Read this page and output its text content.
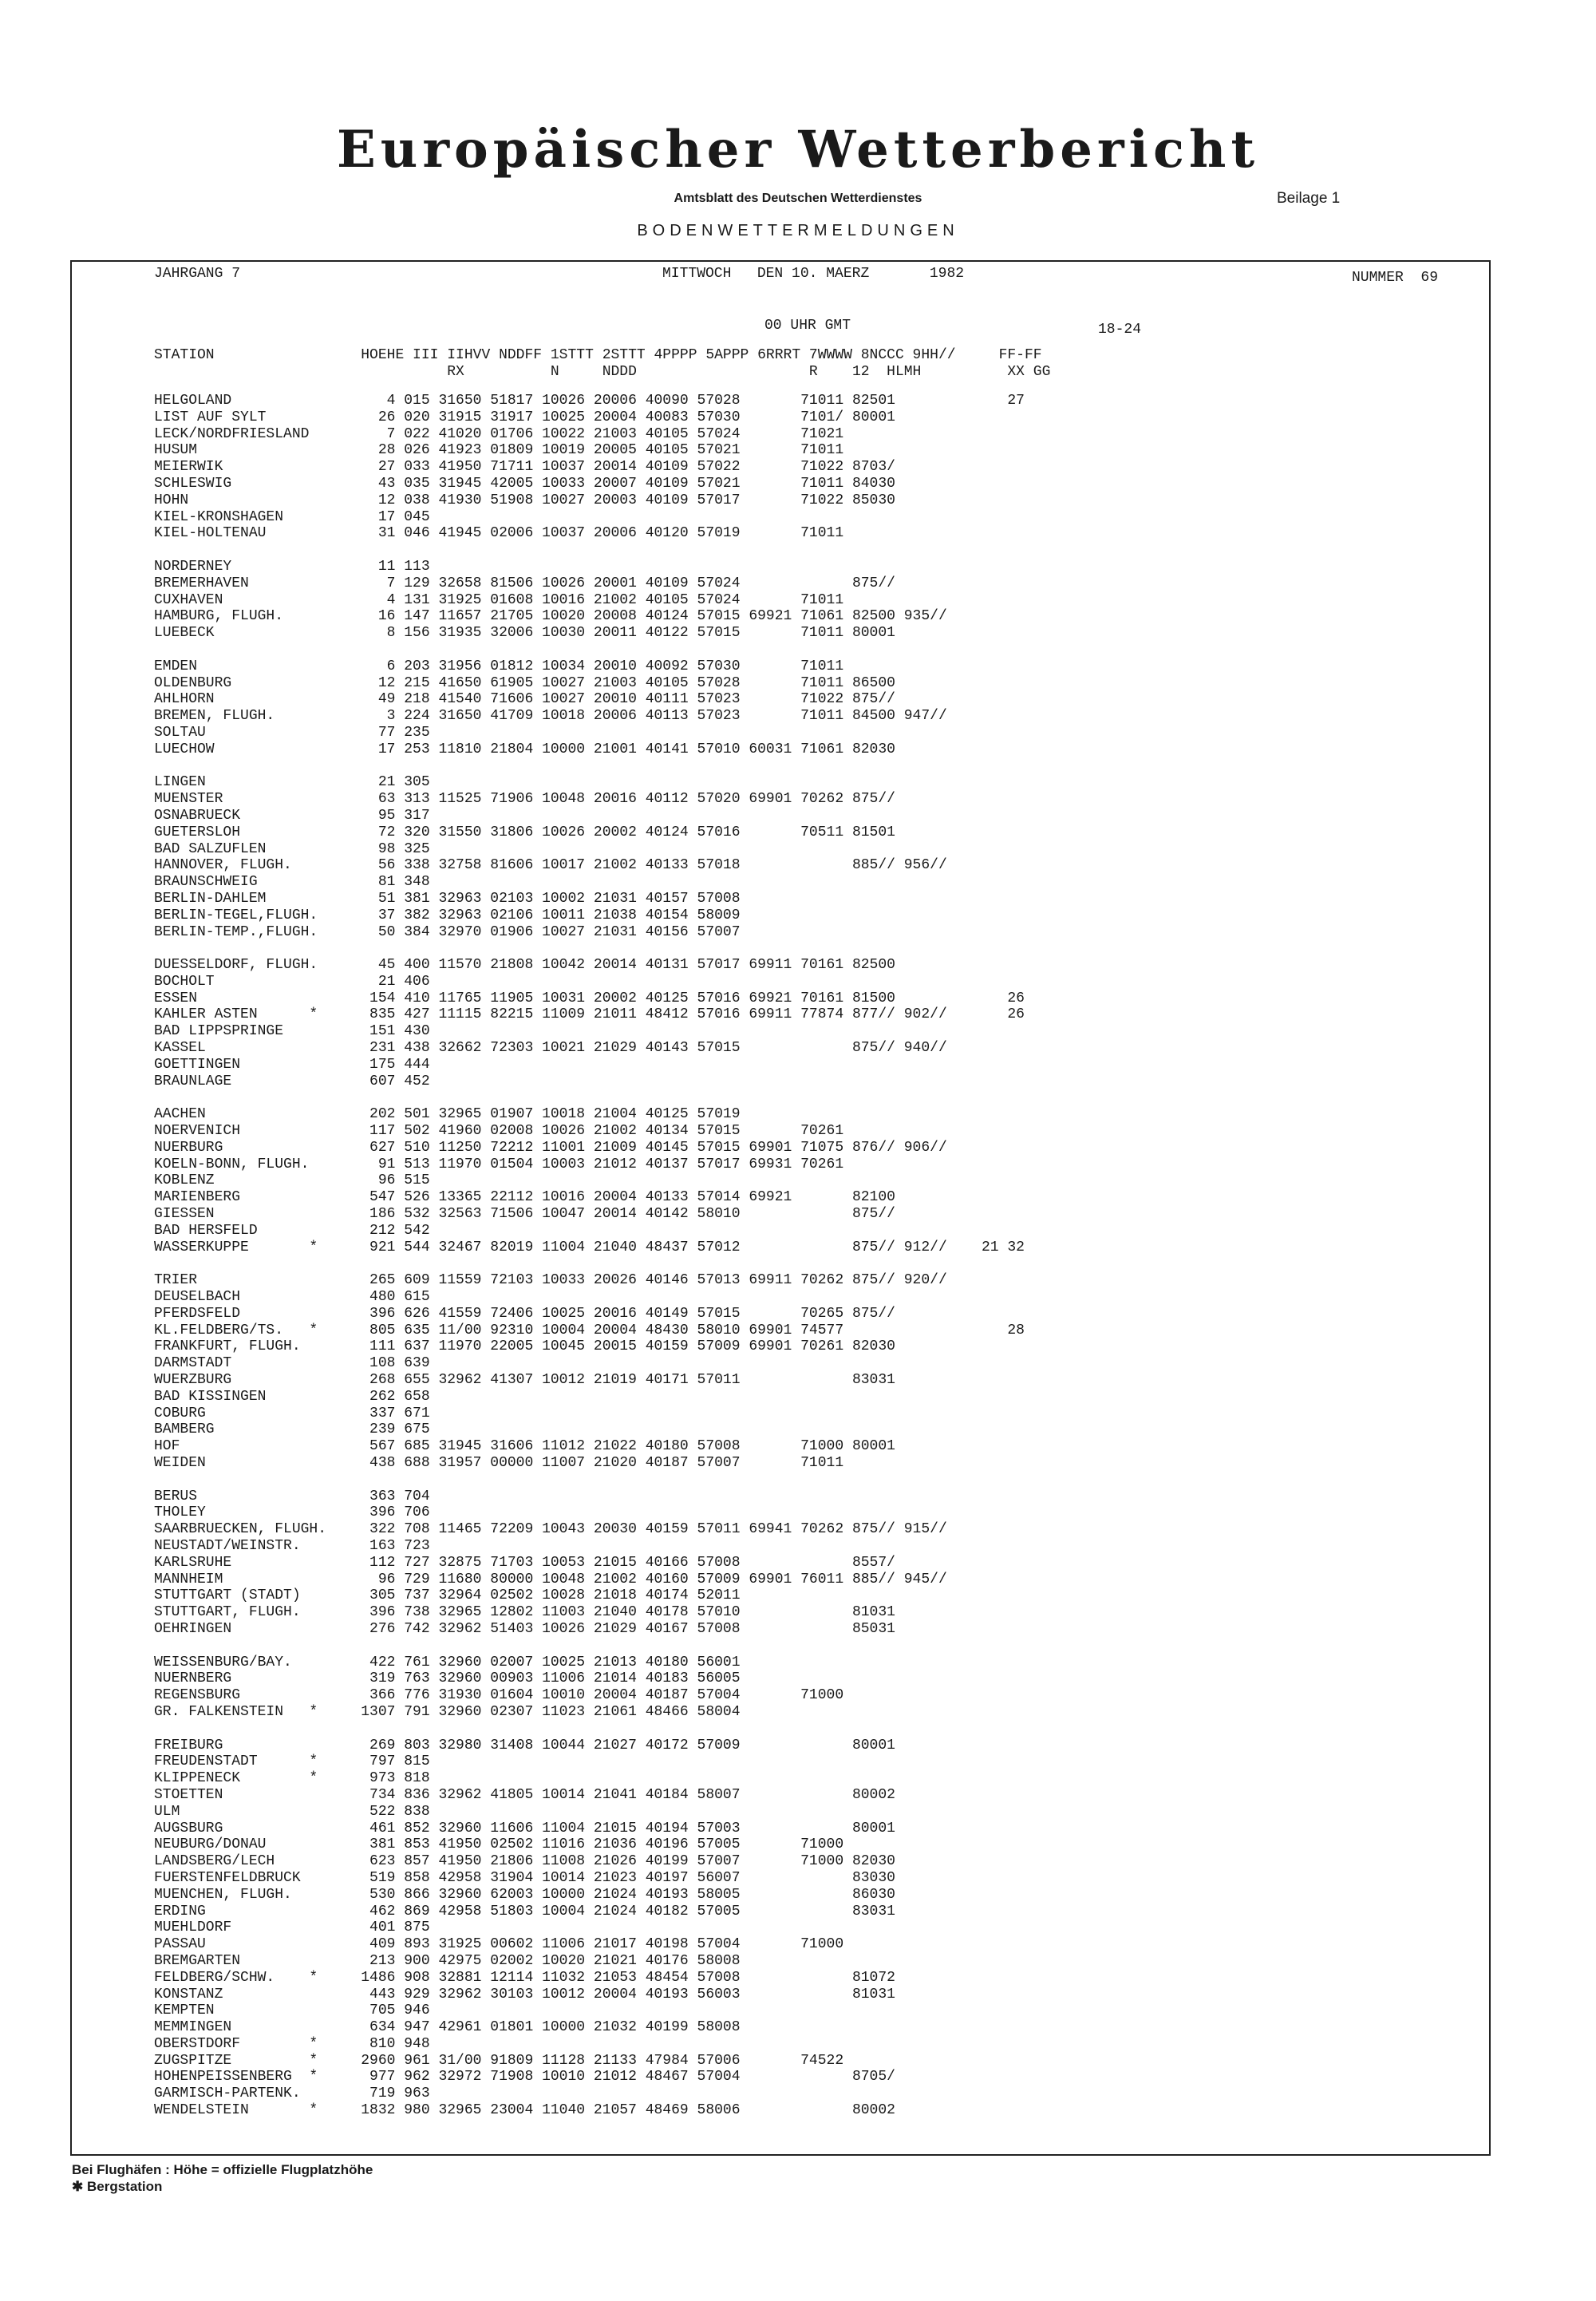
Europäischer Wetterbericht
Amtsblatt des Deutschen Wetterdienstes	Beilage 1
BODENWETTERMELDUNGEN
JAHRGANG 7	MITTWOCH   DEN 10. MAERZ       1982	NUMMER  69
00 UHR GMT	18-24
STATION                 HOEHE III IIHVV NDDFF 1STTT 2STTT 4PPPP 5APPP 6RRRT 7WWWW 8NCCC 9HH//     FF-FF
RX          N     NDDD                    R    12  HLMH          XX GG
HELGOLAND                  4 015 31650 51817 10026 20006 40090 57028       71011 82501             27
LIST AUF SYLT             26 020 31915 31917 10025 20004 40083 57030       7101/ 80001
LECK/NORDFRIESLAND         7 022 41020 01706 10022 21003 40105 57024       71021
HUSUM                     28 026 41923 01809 10019 20005 40105 57021       71011
MEIERWIK                  27 033 41950 71711 10037 20014 40109 57022       71022 8703/
SCHLESWIG                 43 035 31945 42005 10033 20007 40109 57021       71011 84030
HOHN                      12 038 41930 51908 10027 20003 40109 57017       71022 85030
KIEL-KRONSHAGEN           17 045
KIEL-HOLTENAU             31 046 41945 02006 10037 20006 40120 57019       71011
NORDERNEY                 11 113
BREMERHAVEN                7 129 32658 81506 10026 20001 40109 57024             875//
CUXHAVEN                   4 131 31925 01608 10016 21002 40105 57024       71011
HAMBURG, FLUGH.           16 147 11657 21705 10020 20008 40124 57015 69921 71061 82500 935//
LUEBECK                    8 156 31935 32006 10030 20011 40122 57015       71011 80001
EMDEN                      6 203 31956 01812 10034 20010 40092 57030       71011
OLDENBURG                 12 215 41650 61905 10027 21003 40105 57028       71011 86500
AHLHORN                   49 218 41540 71606 10027 20010 40111 57023       71022 875//
BREMEN, FLUGH.             3 224 31650 41709 10018 20006 40113 57023       71011 84500 947//
SOLTAU                    77 235
LUECHOW                   17 253 11810 21804 10000 21001 40141 57010 60031 71061 82030
LINGEN                    21 305
MUENSTER                  63 313 11525 71906 10048 20016 40112 57020 69901 70262 875//
OSNABRUECK                95 317
GUETERSLOH                72 320 31550 31806 10026 20002 40124 57016       70511 81501
BAD SALZUFLEN             98 325
HANNOVER, FLUGH.          56 338 32758 81606 10017 21002 40133 57018             885// 956//
BRAUNSCHWEIG              81 348
BERLIN-DAHLEM             51 381 32963 02103 10002 21031 40157 57008
BERLIN-TEGEL,FLUGH.       37 382 32963 02106 10011 21038 40154 58009
BERLIN-TEMP.,FLUGH.       50 384 32970 01906 10027 21031 40156 57007
DUESSELDORF, FLUGH.       45 400 11570 21808 10042 20014 40131 57017 69911 70161 82500
BOCHOLT                   21 406
ESSEN                    154 410 11765 11905 10031 20002 40125 57016 69921 70161 81500             26
KAHLER ASTEN      *      835 427 11115 82215 11009 21011 48412 57016 69911 77874 877// 902//       26
BAD LIPPSPRINGE          151 430
KASSEL                   231 438 32662 72303 10021 21029 40143 57015             875// 940//
GOETTINGEN               175 444
BRAUNLAGE                607 452
AACHEN                   202 501 32965 01907 10018 21004 40125 57019
NOERVENICH               117 502 41960 02008 10026 21002 40134 57015       70261
NUERBURG                 627 510 11250 72212 11001 21009 40145 57015 69901 71075 876// 906//
KOELN-BONN, FLUGH.        91 513 11970 01504 10003 21012 40137 57017 69931 70261
KOBLENZ                   96 515
MARIENBERG               547 526 13365 22112 10016 20004 40133 57014 69921       82100
GIESSEN                  186 532 32563 71506 10047 20014 40142 58010             875//
BAD HERSFELD             212 542
WASSERKUPPE       *      921 544 32467 82019 11004 21040 48437 57012             875// 912//    21 32
TRIER                    265 609 11559 72103 10033 20026 40146 57013 69911 70262 875// 920//
DEUSELBACH               480 615
PFERDSFELD               396 626 41559 72406 10025 20016 40149 57015       70265 875//
KL.FELDBERG/TS.   *      805 635 11/00 92310 10004 20004 48430 58010 69901 74577                   28
FRANKFURT, FLUGH.        111 637 11970 22005 10045 20015 40159 57009 69901 70261 82030
DARMSTADT                108 639
WUERZBURG                268 655 32962 41307 10012 21019 40171 57011             83031
BAD KISSINGEN            262 658
COBURG                   337 671
BAMBERG                  239 675
HOF                      567 685 31945 31606 11012 21022 40180 57008       71000 80001
WEIDEN                   438 688 31957 00000 11007 21020 40187 57007       71011
BERUS                    363 704
THOLEY                   396 706
SAARBRUECKEN, FLUGH.     322 708 11465 72209 10043 20030 40159 57011 69941 70262 875// 915//
NEUSTADT/WEINSTR.        163 723
KARLSRUHE                112 727 32875 71703 10053 21015 40166 57008             8557/
MANNHEIM                  96 729 11680 80000 10048 21002 40160 57009 69901 76011 885// 945//
STUTTGART (STADT)        305 737 32964 02502 10028 21018 40174 52011
STUTTGART, FLUGH.        396 738 32965 12802 11003 21040 40178 57010             81031
OEHRINGEN                276 742 32962 51403 10026 21029 40167 57008             85031
WEISSENBURG/BAY.         422 761 32960 02007 10025 21013 40180 56001
NUERNBERG                319 763 32960 00903 11006 21014 40183 56005
REGENSBURG               366 776 31930 01604 10010 20004 40187 57004       71000
GR. FALKENSTEIN   *     1307 791 32960 02307 11023 21061 48466 58004
FREIBURG                 269 803 32980 31408 10044 21027 40172 57009             80001
FREUDENSTADT      *      797 815
KLIPPENECK        *      973 818
STOETTEN                 734 836 32962 41805 10014 21041 40184 58007             80002
ULM                      522 838
AUGSBURG                 461 852 32960 11606 11004 21015 40194 57003             80001
NEUBURG/DONAU            381 853 41950 02502 11016 21036 40196 57005       71000
LANDSBERG/LECH           623 857 41950 21806 11008 21026 40199 57007       71000 82030
FUERSTENFELDBRUCK        519 858 42958 31904 10014 21023 40197 56007             83030
MUENCHEN, FLUGH.         530 866 32960 62003 10000 21024 40193 58005             86030
ERDING                   462 869 42958 51803 10004 21024 40182 57005             83031
MUEHLDORF                401 875
PASSAU                   409 893 31925 00602 11006 21017 40198 57004       71000
BREMGARTEN               213 900 42975 02002 10020 21021 40176 58008
FELDBERG/SCHW.    *     1486 908 32881 12114 11032 21053 48454 57008             81072
KONSTANZ                 443 929 32962 30103 10012 20004 40193 56003             81031
KEMPTEN                  705 946
MEMMINGEN                634 947 42961 01801 10000 21032 40199 58008
OBERSTDORF        *      810 948
ZUGSPITZE         *     2960 961 31/00 91809 11128 21133 47984 57006       74522
HOHENPEISSENBERG  *      977 962 32972 71908 10010 21012 48467 57004             8705/
GARMISCH-PARTENK.        719 963
WENDELSTEIN       *     1832 980 32965 23004 11040 21057 48469 58006             80002
Bei Flughäfen : Höhe = offizielle Flugplatzhöhe
✱ Bergstation
